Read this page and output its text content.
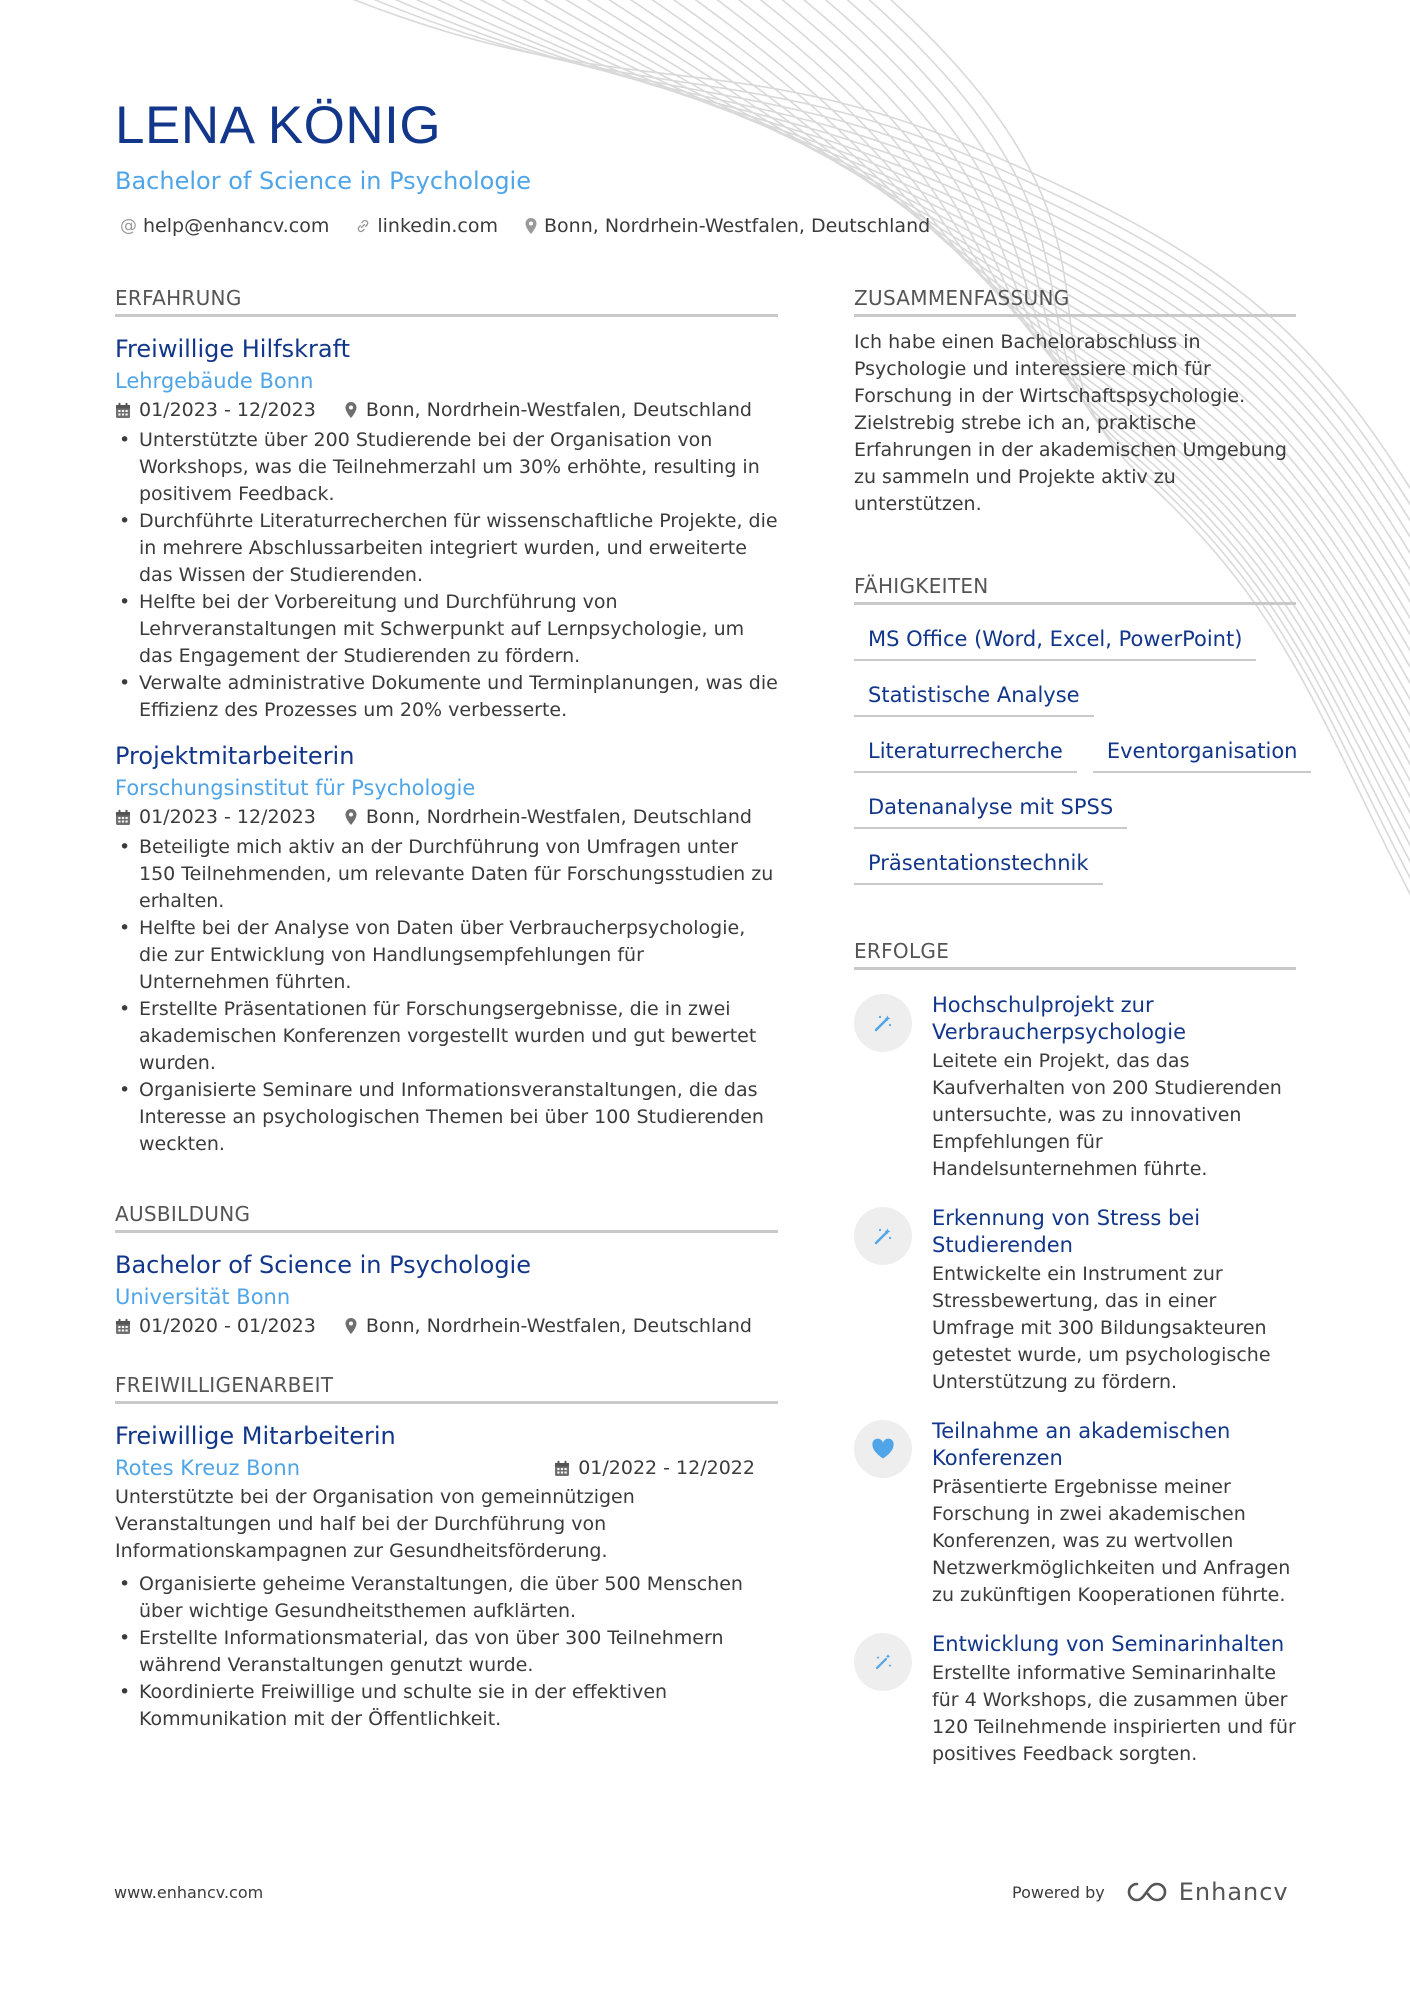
LENA KÖNIG
Bachelor of Science in Psychologie
@ help@enhancv.com	linkedin.com Bonn, Nordrhein-Westfalen, Deutschland
ERFAHRUNG
Freiwillige Hilfskraft
Lehrgebäude Bonn
01/2023 - 12/2023	Bonn, Nordrhein-Westfalen, Deutschland
• Unterstützte über 200 Studierende bei der Organisation von Workshops, was die Teilnehmerzahl um 30% erhöhte, resulting in positivem Feedback.
• Durchführte Literaturrecherchen für wissenschaftliche Projekte, die in mehrere Abschlussarbeiten integriert wurden, und erweiterte das Wissen der Studierenden.
• Helfte bei der Vorbereitung und Durchführung von Lehrveranstaltungen mit Schwerpunkt auf Lernpsychologie, um das Engagement der Studierenden zu fördern.
• Verwalte administrative Dokumente und Terminplanungen, was die Effizienz des Prozesses um 20% verbesserte.
Projektmitarbeiterin
Forschungsinstitut für Psychologie
01/2023 - 12/2023	Bonn, Nordrhein-Westfalen, Deutschland
• Beteiligte mich aktiv an der Durchführung von Umfragen unter 150 Teilnehmenden, um relevante Daten für Forschungsstudien zu erhalten.
• Helfte bei der Analyse von Daten über Verbraucherpsychologie, die zur Entwicklung von Handlungsempfehlungen für Unternehmen führten.
• Erstellte Präsentationen für Forschungsergebnisse, die in zwei akademischen Konferenzen vorgestellt wurden und gut bewertet wurden.
• Organisierte Seminare und Informationsveranstaltungen, die das Interesse an psychologischen Themen bei über 100 Studierenden weckten.
AUSBILDUNG
Bachelor of Science in Psychologie
Universität Bonn
01/2020 - 01/2023	Bonn, Nordrhein-Westfalen, Deutschland
FREIWILLIGENARBEIT
Freiwillige Mitarbeiterin
Rotes Kreuz Bonn	01/2022 - 12/2022
Unterstützte bei der Organisation von gemeinnützigen Veranstaltungen und half bei der Durchführung von Informationskampagnen zur Gesundheitsförderung.
• Organisierte geheime Veranstaltungen, die über 500 Menschen über wichtige Gesundheitsthemen aufklärten.
• Erstellte Informationsmaterial, das von über 300 Teilnehmern während Veranstaltungen genutzt wurde.
• Koordinierte Freiwillige und schulte sie in der effektiven Kommunikation mit der Öffentlichkeit.
ZUSAMMENFASSUNG
Ich habe einen Bachelorabschluss in Psychologie und interessiere mich für Forschung in der Wirtschaftspsychologie. Zielstrebig strebe ich an, praktische Erfahrungen in der akademischen Umgebung zu sammeln und Projekte aktiv zu unterstützen.
FÄHIGKEITEN
MS Office (Word, Excel, PowerPoint)
Statistische Analyse
Literaturrecherche	Eventorganisation
Datenanalyse mit SPSS
Präsentationstechnik
ERFOLGE
Hochschulprojekt zur Verbraucherpsychologie
Leitete ein Projekt, das das Kaufverhalten von 200 Studierenden untersuchte, was zu innovativen Empfehlungen für Handelsunternehmen führte.
Erkennung von Stress bei Studierenden
Entwickelte ein Instrument zur Stressbewertung, das in einer Umfrage mit 300 Bildungsakteuren getestet wurde, um psychologische Unterstützung zu fördern.
Teilnahme an akademischen Konferenzen
Präsentierte Ergebnisse meiner Forschung in zwei akademischen Konferenzen, was zu wertvollen Netzwerkmöglichkeiten und Anfragen zu zukünftigen Kooperationen führte.
Entwicklung von Seminarinhalten
Erstellte informative Seminarinhalte für 4 Workshops, die zusammen über 120 Teilnehmende inspirierten und für positives Feedback sorgten.
www.enhancv.com	Powered by	Enhancv
